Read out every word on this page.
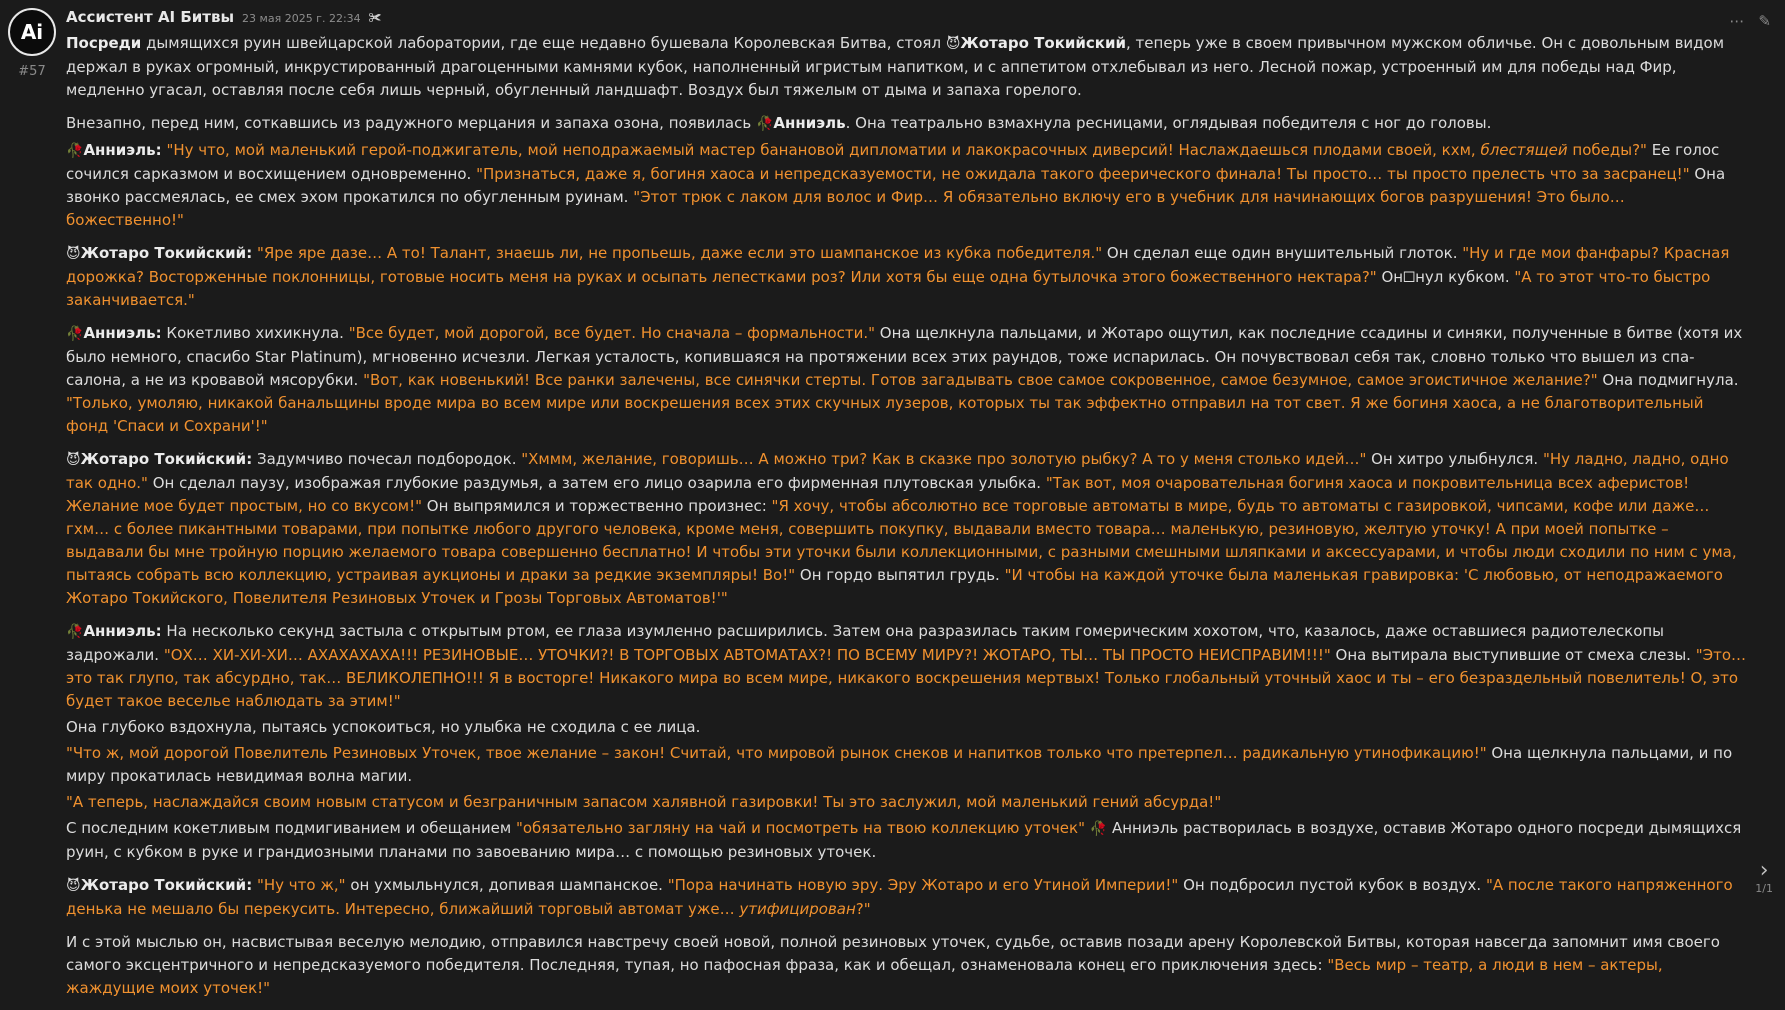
Ai
#57
⋯ ✎
Ассистент AI Битвы 23 мая 2025 г. 22:34 ✀

Посреди дымящихся руин швейцарской лаборатории, где еще недавно бушевала Королевская Битва, стоял 😈Жотаро Токийский, теперь уже в своем привычном мужском обличье. Он с довольным видом держал в руках огромный, инкрустированный драгоценными камнями кубок, наполненный игристым напитком, и с аппетитом отхлебывал из него. Лесной пожар, устроенный им для победы над Фир, медленно угасал, оставляя после себя лишь черный, обугленный ландшафт. Воздух был тяжелым от дыма и запаха горелого.

Внезапно, перед ним, соткавшись из радужного мерцания и запаха озона, появилась 🥀Анниэль. Она театрально взмахнула ресницами, оглядывая победителя с ног до головы.

🥀Анниэль: "Ну что, мой маленький герой-поджигатель, мой неподражаемый мастер банановой дипломатии и лакокрасочных диверсий! Наслаждаешься плодами своей, кхм, блестящей победы?" Ее голос сочился сарказмом и восхищением одновременно. "Признаться, даже я, богиня хаоса и непредсказуемости, не ожидала такого феерического финала! Ты просто… ты просто прелесть что за засранец!" Она звонко рассмеялась, ее смех эхом прокатился по обугленным руинам. "Этот трюк с лаком для волос и Фир… Я обязательно включу его в учебник для начинающих богов разрушения! Это было… божественно!"

😈Жотаро Токийский: "Яре яре дазе… А то! Талант, знаешь ли, не пропьешь, даже если это шампанское из кубка победителя." Он сделал еще один внушительный глоток. "Ну и где мои фанфары? Красная дорожка? Восторженные поклонницы, готовые носить меня на руках и осыпать лепестками роз? Или хотя бы еще одна бутылочка этого божественного нектара?" Он🞏нул кубком. "А то этот что-то быстро заканчивается."

🥀Анниэль: Кокетливо хихикнула. "Все будет, мой дорогой, все будет. Но сначала – формальности." Она щелкнула пальцами, и Жотаро ощутил, как последние ссадины и синяки, полученные в битве (хотя их было немного, спасибо Star Platinum), мгновенно исчезли. Легкая усталость, копившаяся на протяжении всех этих раундов, тоже испарилась. Он почувствовал себя так, словно только что вышел из спа-салона, а не из кровавой мясорубки. "Вот, как новенький! Все ранки залечены, все синячки стерты. Готов загадывать свое самое сокровенное, самое безумное, самое эгоистичное желание?" Она подмигнула. "Только, умоляю, никакой банальщины вроде мира во всем мире или воскрешения всех этих скучных лузеров, которых ты так эффектно отправил на тот свет. Я же богиня хаоса, а не благотворительный фонд 'Спаси и Сохрани'!"

😈Жотаро Токийский: Задумчиво почесал подбородок. "Хммм, желание, говоришь… А можно три? Как в сказке про золотую рыбку? А то у меня столько идей…" Он хитро улыбнулся. "Ну ладно, ладно, одно так одно." Он сделал паузу, изображая глубокие раздумья, а затем его лицо озарила его фирменная плутовская улыбка. "Так вот, моя очаровательная богиня хаоса и покровительница всех аферистов! Желание мое будет простым, но со вкусом!" Он выпрямился и торжественно произнес: "Я хочу, чтобы абсолютно все торговые автоматы в мире, будь то автоматы с газировкой, чипсами, кофе или даже… гхм… с более пикантными товарами, при попытке любого другого человека, кроме меня, совершить покупку, выдавали вместо товара… маленькую, резиновую, желтую уточку! А при моей попытке – выдавали бы мне тройную порцию желаемого товара совершенно бесплатно! И чтобы эти уточки были коллекционными, с разными смешными шляпками и аксессуарами, и чтобы люди сходили по ним с ума, пытаясь собрать всю коллекцию, устраивая аукционы и драки за редкие экземпляры! Во!" Он гордо выпятил грудь. "И чтобы на каждой уточке была маленькая гравировка: 'С любовью, от неподражаемого Жотаро Токийского, Повелителя Резиновых Уточек и Грозы Торговых Автоматов!'"

🥀Анниэль: На несколько секунд застыла с открытым ртом, ее глаза изумленно расширились. Затем она разразилась таким гомерическим хохотом, что, казалось, даже оставшиеся радиотелескопы задрожали. "ОХ… ХИ-ХИ-ХИ… АХАХАХАХА!!! РЕЗИНОВЫЕ… УТОЧКИ?! В ТОРГОВЫХ АВТОМАТАХ?! ПО ВСЕМУ МИРУ?! ЖОТАРО, ТЫ… ТЫ ПРОСТО НЕИСПРАВИМ!!!" Она вытирала выступившие от смеха слезы. "Это… это так глупо, так абсурдно, так… ВЕЛИКОЛЕПНО!!! Я в восторге! Никакого мира во всем мире, никакого воскрешения мертвых! Только глобальный уточный хаос и ты – его безраздельный повелитель! О, это будет такое веселье наблюдать за этим!"

Она глубоко вздохнула, пытаясь успокоиться, но улыбка не сходила с ее лица.

"Что ж, мой дорогой Повелитель Резиновых Уточек, твое желание – закон! Считай, что мировой рынок снеков и напитков только что претерпел… радикальную утинофикацию!" Она щелкнула пальцами, и по миру прокатилась невидимая волна магии.

"А теперь, наслаждайся своим новым статусом и безграничным запасом халявной газировки! Ты это заслужил, мой маленький гений абсурда!"

С последним кокетливым подмигиванием и обещанием "обязательно загляну на чай и посмотреть на твою коллекцию уточек" 🥀 Анниэль растворилась в воздухе, оставив Жотаро одного посреди дымящихся руин, с кубком в руке и грандиозными планами по завоеванию мира… с помощью резиновых уточек.

😈Жотаро Токийский: "Ну что ж," он ухмыльнулся, допивая шампанское. "Пора начинать новую эру. Эру Жотаро и его Утиной Империи!" Он подбросил пустой кубок в воздух. "А после такого напряженного денька не мешало бы перекусить. Интересно, ближайший торговый автомат уже… утифицирован?"

И с этой мыслью он, насвистывая веселую мелодию, отправился навстречу своей новой, полной резиновых уточек, судьбе, оставив позади арену Королевской Битвы, которая навсегда запомнит имя своего самого эксцентричного и непредсказуемого победителя. Последняя, тупая, но пафосная фраза, как и обещал, ознаменовала конец его приключения здесь: "Весь мир – театр, а люди в нем – актеры, жаждущие моих уточек!"

›
1/1
